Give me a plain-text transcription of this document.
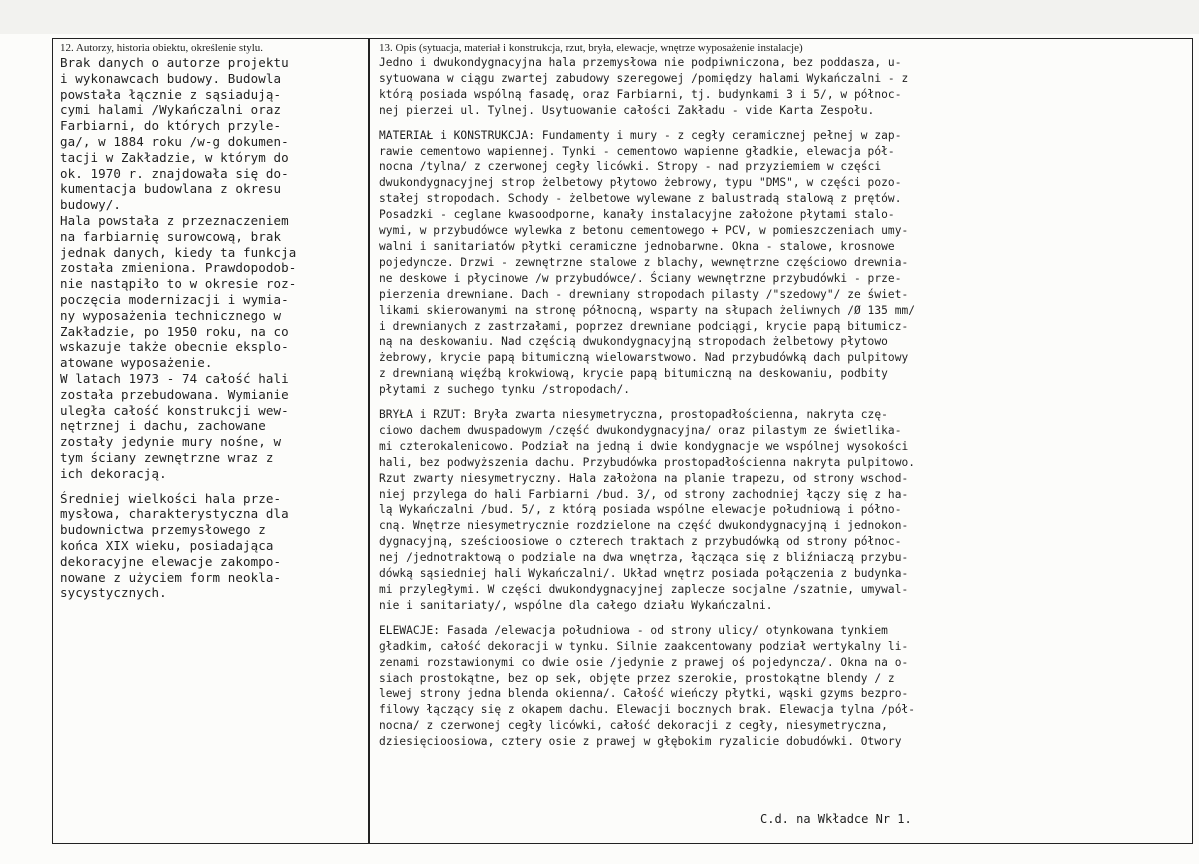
12. Autorzy, historia obiektu, określenie stylu.
Brak danych o autorze projektu
i wykonawcach budowy. Budowla
powstała łącznie z sąsiadują-
cymi halami /Wykańczalni oraz
Farbiarni, do których przyle-
ga/, w 1884 roku /w-g dokumen-
tacji w Zakładzie, w którym do
ok. 1970 r. znajdowała się do-
kumentacja budowlana z okresu
budowy/.
Hala powstała z przeznaczeniem
na farbiarnię surowcową, brak
jednak danych, kiedy ta funkcja
została zmieniona. Prawdopodob-
nie nastąpiło to w okresie roz-
poczęcia modernizacji i wymia-
ny wyposażenia technicznego w
Zakładzie, po 1950 roku, na co
wskazuje także obecnie eksplo-
atowane wyposażenie.
W latach 1973 - 74 całość hali
została przebudowana. Wymianie
uległa całość konstrukcji wew-
nętrznej i dachu, zachowane
zostały jedynie mury nośne, w
tym ściany zewnętrzne wraz z
ich dekoracją.
Średniej wielkości hala prze-
mysłowa, charakterystyczna dla
budownictwa przemysłowego z
końca XIX wieku, posiadająca
dekoracyjne elewacje zakompo-
nowane z użyciem form neokla-
sycystycznych.
13. Opis (sytuacja, materiał i konstrukcja, rzut, bryła, elewacje, wnętrze wyposażenie instalacje)
Jedno i dwukondygnacyjna hala przemysłowa nie podpiwniczona, bez poddasza, u-
sytuowana w ciągu zwartej zabudowy szeregowej /pomiędzy halami Wykańczalni - z
którą posiada wspólną fasadę, oraz Farbiarni, tj. budynkami 3 i 5/, w północ-
nej pierzei ul. Tylnej. Usytuowanie całości Zakładu - vide Karta Zespołu.
MATERIAŁ i KONSTRUKCJA: Fundamenty i mury - z cegły ceramicznej pełnej w zap-
rawie cementowo wapiennej. Tynki - cementowo wapienne gładkie, elewacja pół-
nocna /tylna/ z czerwonej cegły licówki. Stropy - nad przyziemiem w części
dwukondygnacyjnej strop żelbetowy płytowo żebrowy, typu "DMS", w części pozo-
stałej stropodach. Schody - żelbetowe wylewane z balustradą stalową z prętów.
Posadzki - ceglane kwasoodporne, kanały instalacyjne założone płytami stalo-
wymi, w przybudówce wylewka z betonu cementowego + PCV, w pomieszczeniach umy-
walni i sanitariatów płytki ceramiczne jednobarwne. Okna - stalowe, krosnowe
pojedyncze. Drzwi - zewnętrzne stalowe z blachy, wewnętrzne częściowo drewnia-
ne deskowe i płycinowe /w przybudówce/. Ściany wewnętrzne przybudówki - prze-
pierzenia drewniane. Dach - drewniany stropodach pilasty /"szedowy"/ ze świet-
likami skierowanymi na stronę północną, wsparty na słupach żeliwnych /Ø 135 mm/
i drewnianych z zastrzałami, poprzez drewniane podciągi, krycie papą bitumicz-
ną na deskowaniu. Nad częścią dwukondygnacyjną stropodach żelbetowy płytowo
żebrowy, krycie papą bitumiczną wielowarstwowo. Nad przybudówką dach pulpitowy
z drewnianą więźbą krokwiową, krycie papą bitumiczną na deskowaniu, podbity
płytami z suchego tynku /stropodach/.
BRYŁA i RZUT: Bryła zwarta niesymetryczna, prostopadłościenna, nakryta czę-
ciowo dachem dwuspadowym /część dwukondygnacyjna/ oraz pilastym ze świetlika-
mi czterokalenicowo. Podział na jedną i dwie kondygnacje we wspólnej wysokości
hali, bez podwyższenia dachu. Przybudówka prostopadłościenna nakryta pulpitowo.
Rzut zwarty niesymetryczny. Hala założona na planie trapezu, od strony wschod-
niej przylega do hali Farbiarni /bud. 3/, od strony zachodniej łączy się z ha-
lą Wykańczalni /bud. 5/, z którą posiada wspólne elewacje południową i półno-
cną. Wnętrze niesymetrycznie rozdzielone na część dwukondygnacyjną i jednokon-
dygnacyjną, sześcioosiowe o czterech traktach z przybudówką od strony północ-
nej /jednotraktową o podziale na dwa wnętrza, łącząca się z bliźniaczą przybu-
dówką sąsiedniej hali Wykańczalni/. Układ wnętrz posiada połączenia z budynka-
mi przyległymi. W części dwukondygnacyjnej zaplecze socjalne /szatnie, umywal-
nie i sanitariaty/, wspólne dla całego działu Wykańczalni.
ELEWACJE: Fasada /elewacja południowa - od strony ulicy/ otynkowana tynkiem
gładkim, całość dekoracji w tynku. Silnie zaakcentowany podział wertykalny li-
zenami rozstawionymi co dwie osie /jedynie z prawej oś pojedyncza/. Okna na o-
siach prostokątne, bez op sek, objęte przez szerokie, prostokątne blendy / z
lewej strony jedna blenda okienna/. Całość wieńczy płytki, wąski gzyms bezpro-
filowy łączący się z okapem dachu. Elewacji bocznych brak. Elewacja tylna /pół-
nocna/ z czerwonej cegły licówki, całość dekoracji z cegły, niesymetryczna,
dziesięcioosiowa, cztery osie z prawej w głębokim ryzalicie dobudówki. Otwory
C.d. na Wkładce Nr 1.
